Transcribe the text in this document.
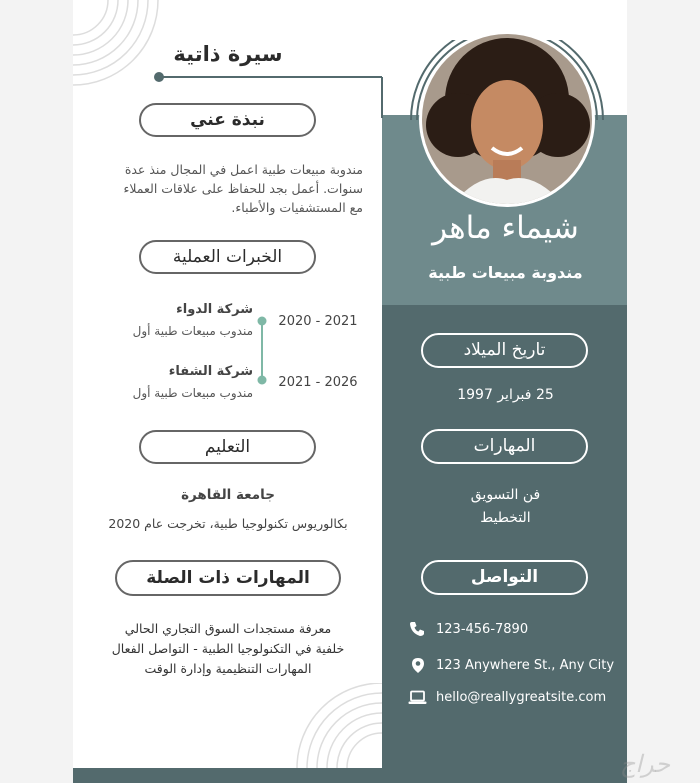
سيرة ذاتية
شيماء ماهر
مندوبة مبيعات طبية
نبذة عني
مندوبة مبيعات طبية اعمل في المجال منذ عدة
سنوات. أعمل بجد للحفاظ على علاقات العملاء
مع المستشفيات والأطباء.
الخبرات العملية
شركة الدواء
مندوب مبيعات طبية أول
2021 - 2020
شركة الشفاء
مندوب مبيعات طبية أول
2026 - 2021
التعليم
جامعة القاهرة
بكالوريوس تكنولوجيا طبية، تخرجت عام 2020
المهارات ذات الصلة
معرفة مستجدات السوق التجاري الحالي
خلفية في التكنولوجيا الطبية - التواصل الفعال
المهارات التنظيمية وإدارة الوقت
تاريخ الميلاد
25 فبراير 1997
المهارات
فن التسويق
التخطيط
التواصل
123-456-7890
123 Anywhere St., Any City
hello@reallygreatsite.com
حراج
